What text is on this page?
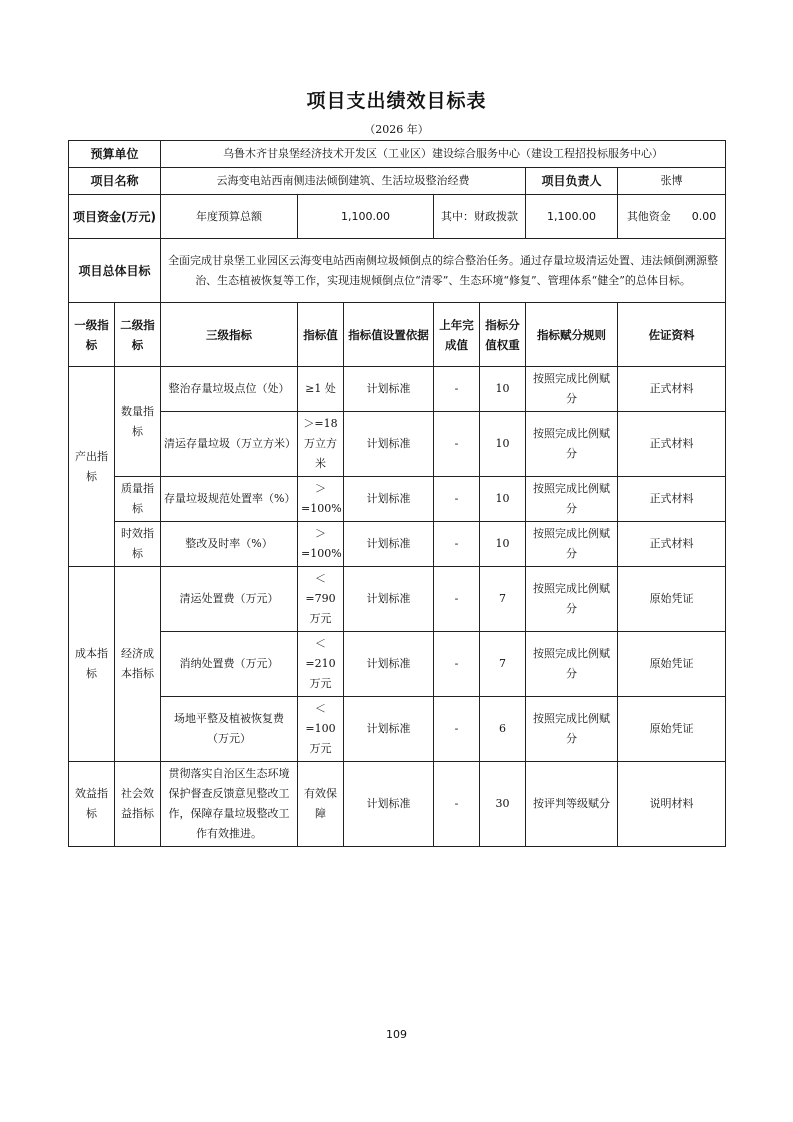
项目支出绩效目标表
（2026 年）
预算单位		乌鲁木齐甘泉堡经济技术开发区（工业区）建设综合服务中心（建设工程招投标服务中心）						
项目名称		云海变电站西南侧违法倾倒建筑、生活垃圾整治经费					项目负责人	张博
项目资金(万元)		年度预算总额	1,100.00		其中：财政拨款		1,100.00	其他资金 0.00
项目总体目标		全面完成甘泉堡工业园区云海变电站西南侧垃圾倾倒点的综合整治任务。通过存量垃圾清运处置、违法倾倒溯源整治、生态植被恢复等工作，实现违规倾倒点位“清零”、生态环境“修复”、管理体系“健全”的总体目标。						
一级指标	二级指标	三级指标	指标值	指标值设置依据	上年完成值	指标分值权重	指标赋分规则	佐证资料
产出指标	数量指标	整治存量垃圾点位（处）	≥1 处	计划标准	-	10	按照完成比例赋分	正式材料
		清运存量垃圾（万立方米）	＞=18 万立方米	计划标准	-	10	按照完成比例赋分	正式材料
	质量指标	存量垃圾规范处置率（%）	＞=100%	计划标准	-	10	按照完成比例赋分	正式材料
	时效指标	整改及时率（%）	＞=100%	计划标准	-	10	按照完成比例赋分	正式材料
成本指标	经济成本指标	清运处置费（万元）	＜=790 万元	计划标准	-	7	按照完成比例赋分	原始凭证
		消纳处置费（万元）	＜=210 万元	计划标准	-	7	按照完成比例赋分	原始凭证
		场地平整及植被恢复费（万元）	＜=100 万元	计划标准	-	6	按照完成比例赋分	原始凭证
效益指标	社会效益指标	贯彻落实自治区生态环境保护督查反馈意见整改工作，保障存量垃圾整改工作有效推进。	有效保障	计划标准	-	30	按评判等级赋分	说明材料
109
